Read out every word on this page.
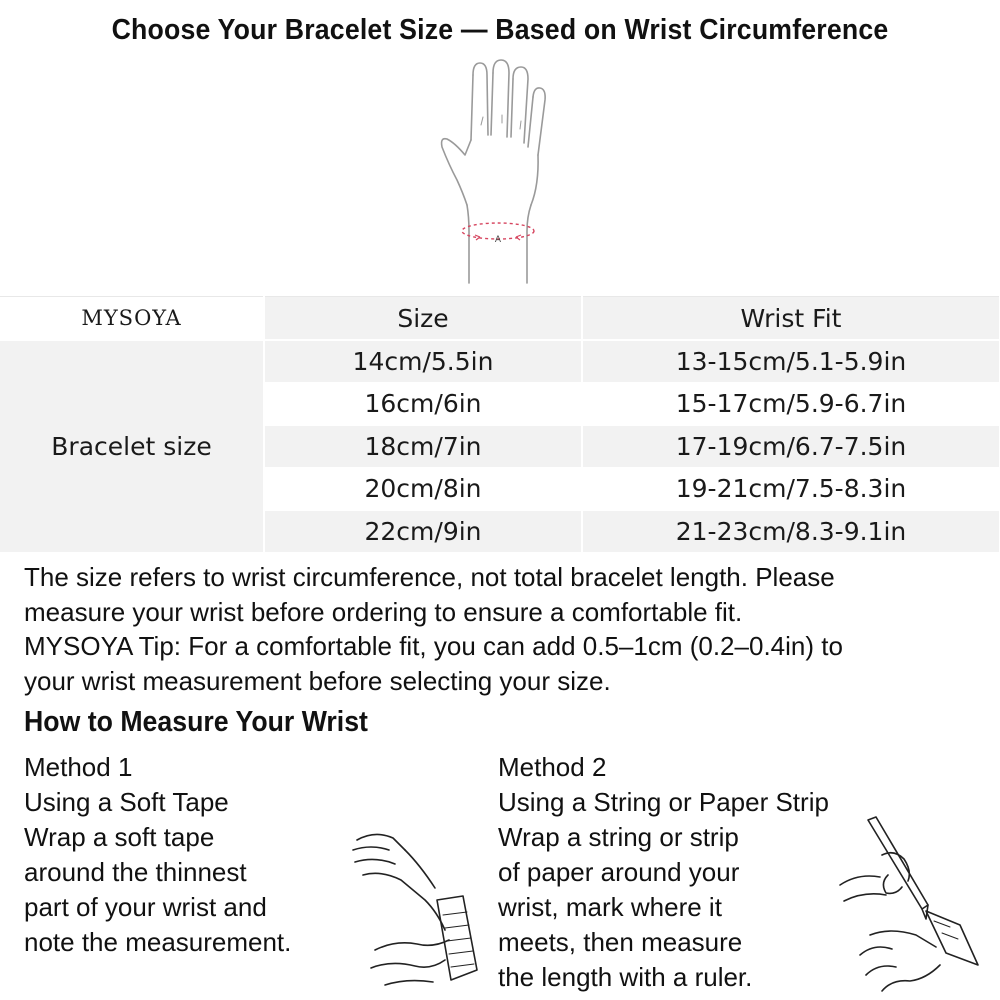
Choose Your Bracelet Size — Based on Wrist Circumference
A
MYSOYA	Size	Wrist Fit
Bracelet size	14cm/5.5in	13-15cm/5.1-5.9in
	16cm/6in	15-17cm/5.9-6.7in
	18cm/7in	17-19cm/6.7-7.5in
	20cm/8in	19-21cm/7.5-8.3in
	22cm/9in	21-23cm/8.3-9.1in

The size refers to wrist circumference, not total bracelet length. Please

measure your wrist before ordering to ensure a comfortable fit.

MYSOYA Tip: For a comfortable fit, you can add 0.5–1cm (0.2–0.4in) to

your wrist measurement before selecting your size.

How to Measure Your Wrist
Method 1
Using a Soft Tape
Wrap a soft tape
around the thinnest
part of your wrist and
note the measurement.
Method 2
Using a String or Paper Strip
Wrap a string or strip
of paper around your
wrist, mark where it
meets, then measure
the length with a ruler.
